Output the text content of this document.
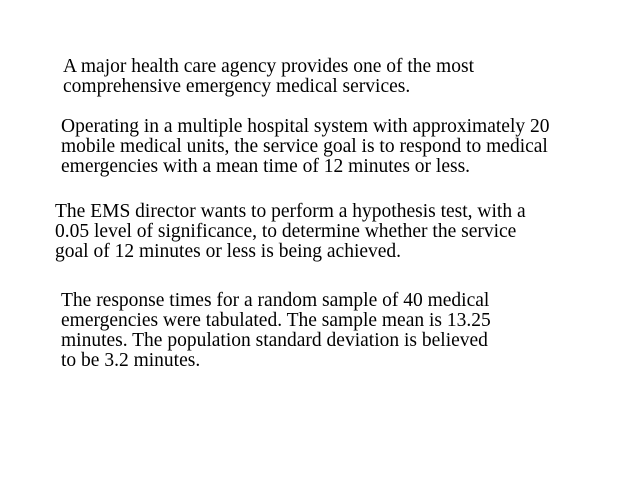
A major health care agency provides one of the most
comprehensive emergency medical services.

Operating in a multiple hospital system with approximately 20
mobile medical units, the service goal is to respond to medical
emergencies with a mean time of 12 minutes or less.

The EMS director wants to perform a hypothesis test, with a
0.05 level of significance, to determine whether the service
goal of 12 minutes or less is being achieved.

The response times for a random sample of 40 medical
emergencies were tabulated. The sample mean is 13.25
minutes. The population standard deviation is believed
to be 3.2 minutes.
